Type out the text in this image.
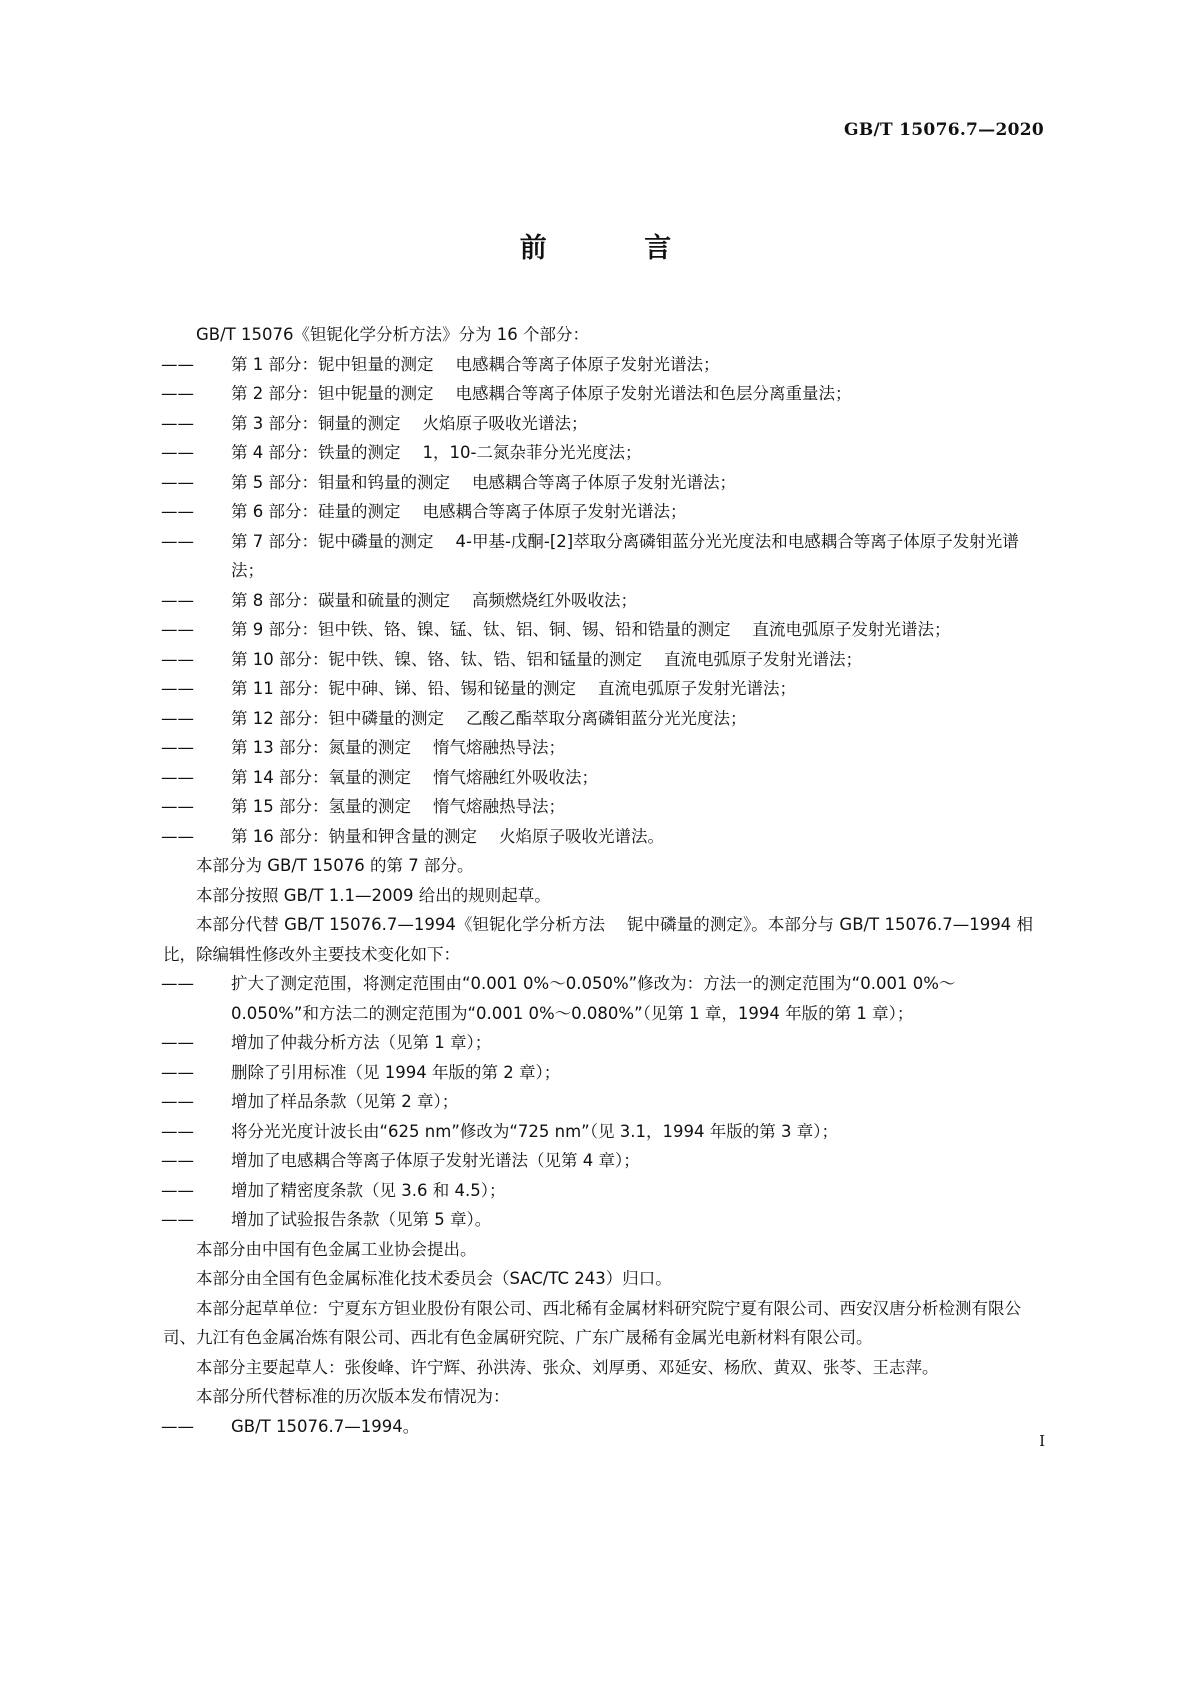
GB/T 15076.7—2020
前 言

GB/T 15076《钽铌化学分析方法》分为 16 个部分：

—— 第 1 部分：铌中钽量的测定 电感耦合等离子体原子发射光谱法；

—— 第 2 部分：钽中铌量的测定 电感耦合等离子体原子发射光谱法和色层分离重量法；

—— 第 3 部分：铜量的测定 火焰原子吸收光谱法；

—— 第 4 部分：铁量的测定 1，10-二氮杂菲分光光度法；

—— 第 5 部分：钼量和钨量的测定 电感耦合等离子体原子发射光谱法；

—— 第 6 部分：硅量的测定 电感耦合等离子体原子发射光谱法；

—— 第 7 部分：铌中磷量的测定 4-甲基-戊酮-[2]萃取分离磷钼蓝分光光度法和电感耦合等离子体原子发射光谱法；

—— 第 8 部分：碳量和硫量的测定 高频燃烧红外吸收法；

—— 第 9 部分：钽中铁、铬、镍、锰、钛、铝、铜、锡、铅和锆量的测定 直流电弧原子发射光谱法；

—— 第 10 部分：铌中铁、镍、铬、钛、锆、铝和锰量的测定 直流电弧原子发射光谱法；

—— 第 11 部分：铌中砷、锑、铅、锡和铋量的测定 直流电弧原子发射光谱法；

—— 第 12 部分：钽中磷量的测定 乙酸乙酯萃取分离磷钼蓝分光光度法；

—— 第 13 部分：氮量的测定 惰气熔融热导法；

—— 第 14 部分：氧量的测定 惰气熔融红外吸收法；

—— 第 15 部分：氢量的测定 惰气熔融热导法；

—— 第 16 部分：钠量和钾含量的测定 火焰原子吸收光谱法。

本部分为 GB/T 15076 的第 7 部分。

本部分按照 GB/T 1.1—2009 给出的规则起草。

本部分代替 GB/T 15076.7—1994《钽铌化学分析方法 铌中磷量的测定》。本部分与 GB/T 15076.7—1994 相比，除编辑性修改外主要技术变化如下：

—— 扩大了测定范围，将测定范围由“0.001 0%～0.050%”修改为：方法一的测定范围为“0.001 0%～0.050%”和方法二的测定范围为“0.001 0%～0.080%”（见第 1 章，1994 年版的第 1 章）；

—— 增加了仲裁分析方法（见第 1 章）；

—— 删除了引用标准（见 1994 年版的第 2 章）；

—— 增加了样品条款（见第 2 章）；

—— 将分光光度计波长由“625 nm”修改为“725 nm”（见 3.1，1994 年版的第 3 章）；

—— 增加了电感耦合等离子体原子发射光谱法（见第 4 章）；

—— 增加了精密度条款（见 3.6 和 4.5）；

—— 增加了试验报告条款（见第 5 章）。

本部分由中国有色金属工业协会提出。

本部分由全国有色金属标准化技术委员会（SAC/TC 243）归口。

本部分起草单位：宁夏东方钽业股份有限公司、西北稀有金属材料研究院宁夏有限公司、西安汉唐分析检测有限公司、九江有色金属冶炼有限公司、西北有色金属研究院、广东广晟稀有金属光电新材料有限公司。

本部分主要起草人：张俊峰、许宁辉、孙洪涛、张众、刘厚勇、邓延安、杨欣、黄双、张苓、王志萍。

本部分所代替标准的历次版本发布情况为：

—— GB/T 15076.7—1994。

I
